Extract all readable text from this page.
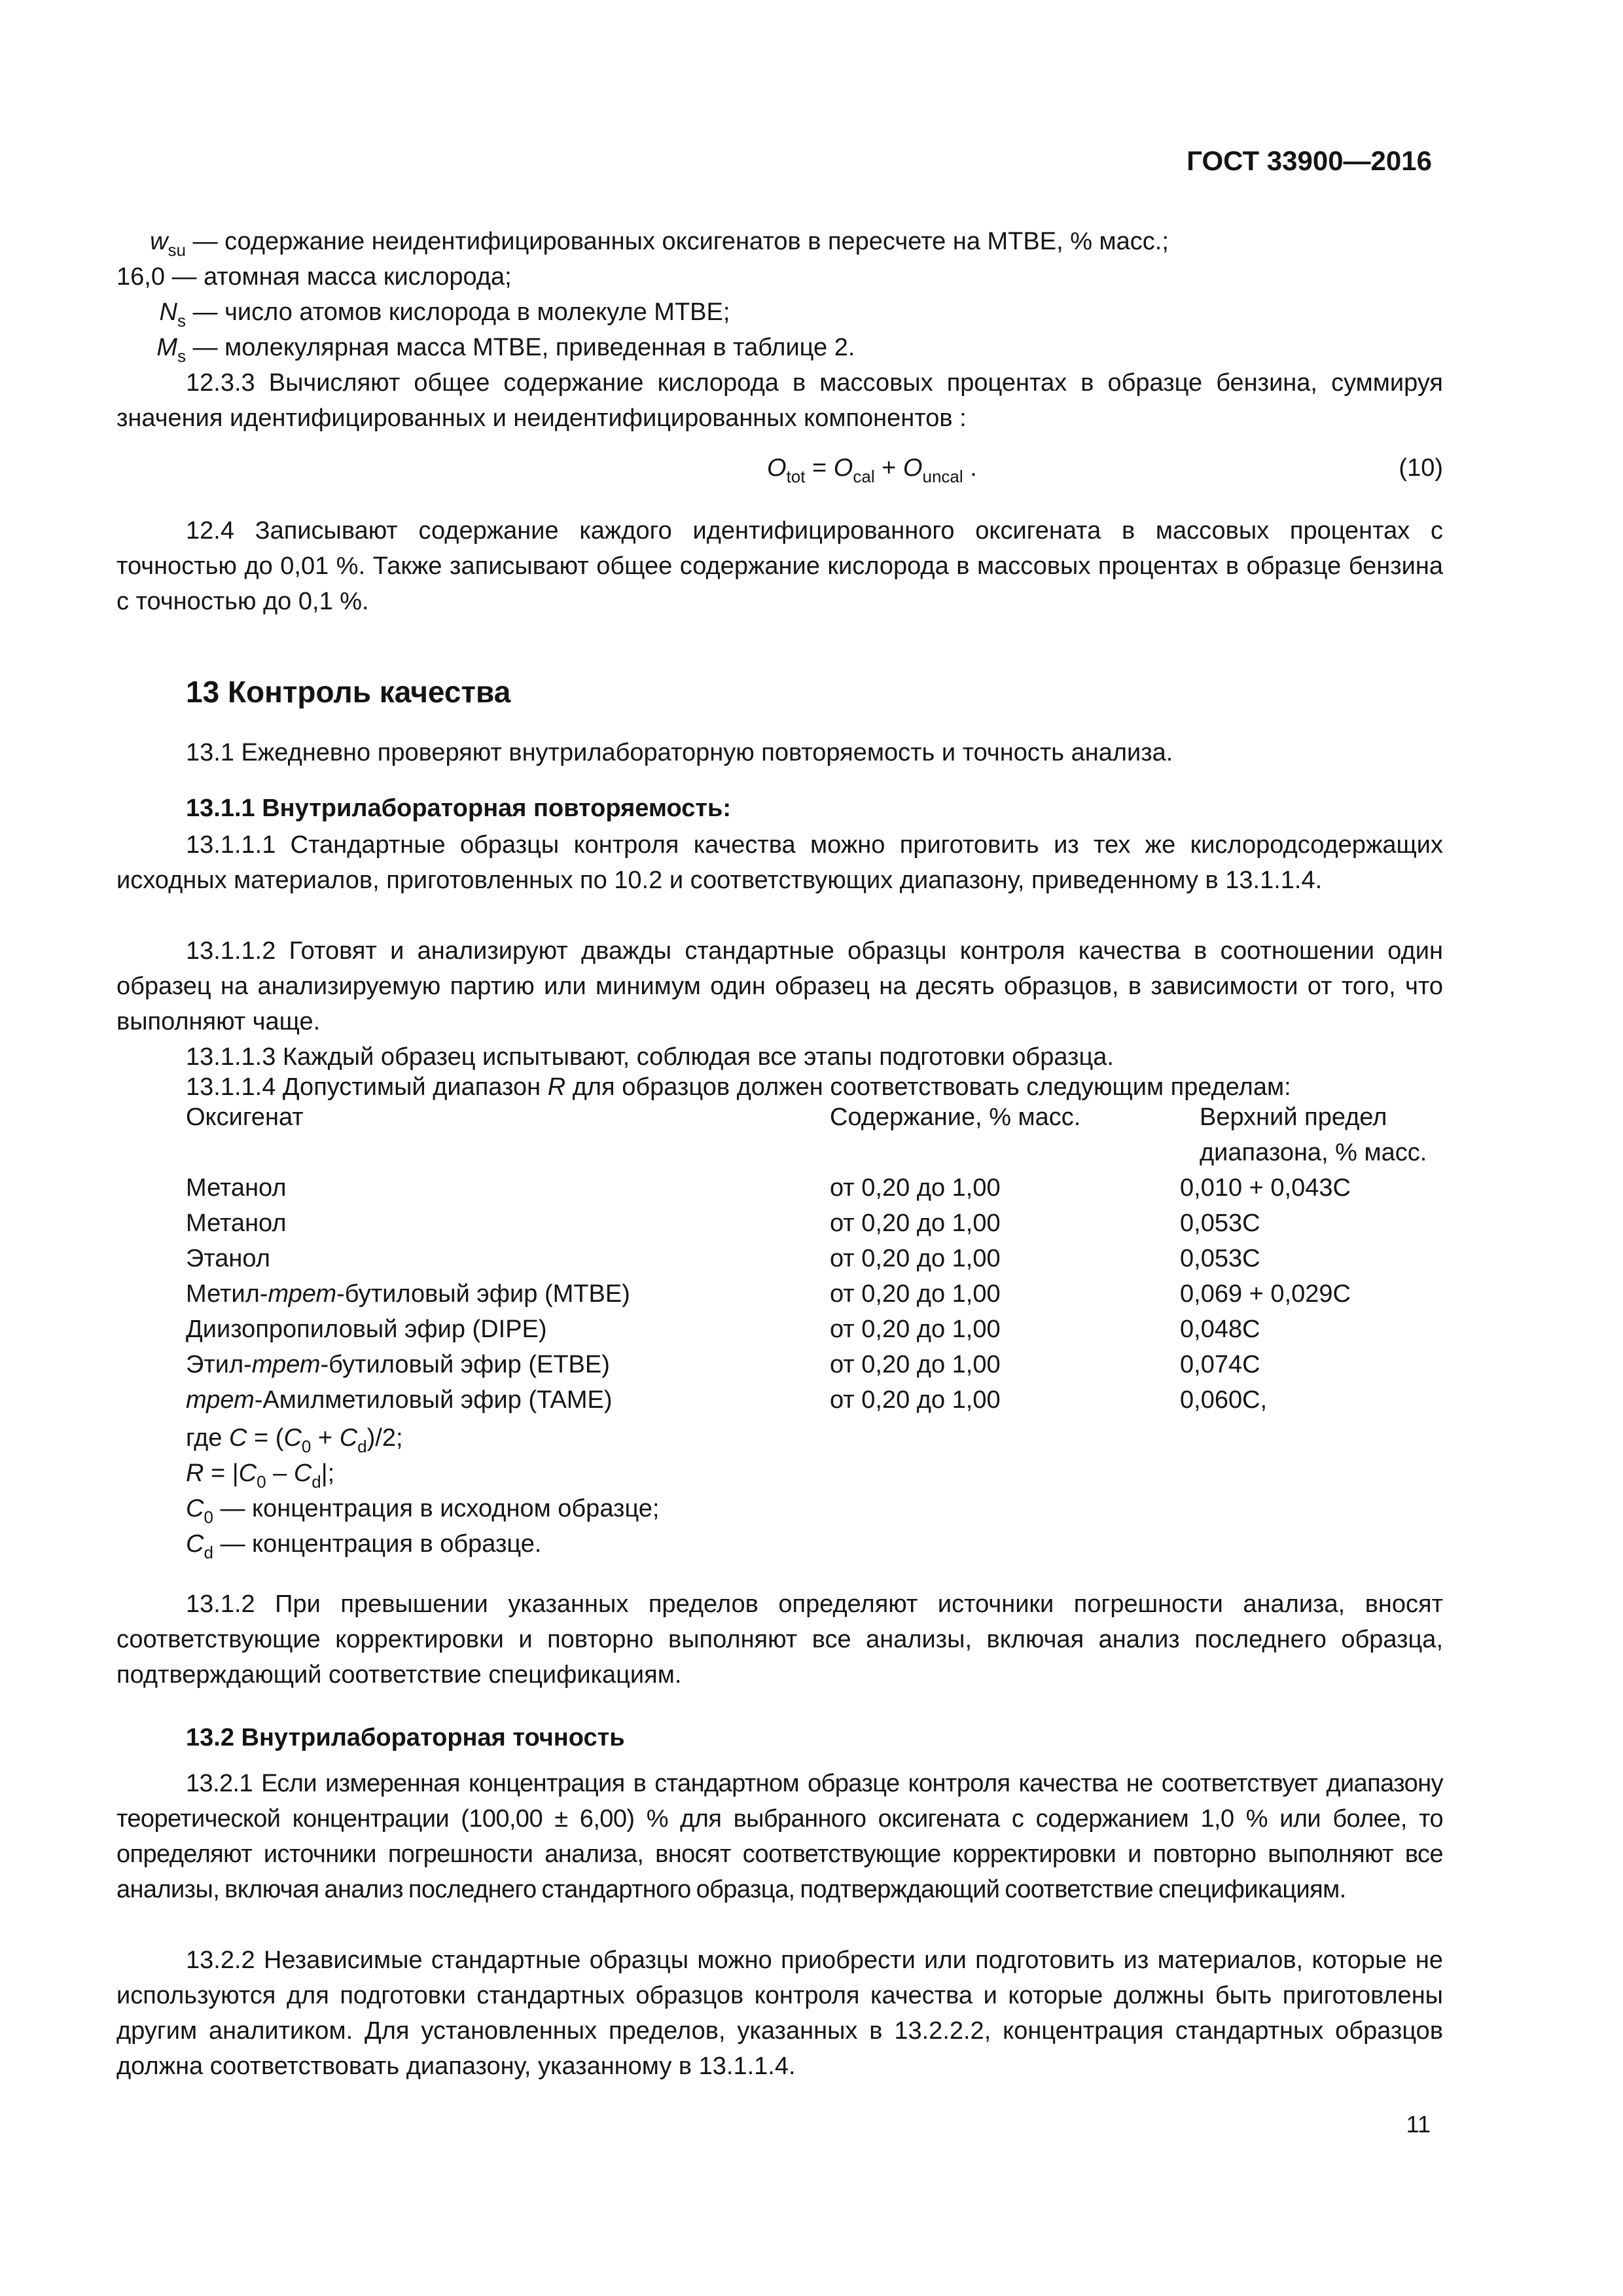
ГОСТ 33900—2016

$w_{su}$ — содержание неидентифицированных оксигенатов в пересчете на МТВЕ, % масс.;

16,0 — атомная масса кислорода;

$N_s$ — число атомов кислорода в молекуле МТВЕ;

$M_s$ — молекулярная масса МТВЕ, приведенная в таблице 2.

12.3.3 Вычисляют общее содержание кислорода в массовых процентах в образце бензина, суммируя значения идентифицированных и неидентифицированных компонентов :
$O_{tot} = O_{cal} + O_{uncal}$ .	(10)
12.4 Записывают содержание каждого идентифицированного оксигената в массовых процентах с точностью до 0,01 %. Также записывают общее содержание кислорода в массовых процентах в образце бензина с точностью до 0,1 %.
13 Контроль качества
13.1 Ежедневно проверяют внутрилабораторную повторяемость и точность анализа.
13.1.1 Внутрилабораторная повторяемость:
13.1.1.1 Стандартные образцы контроля качества можно приготовить из тех же кислородсодержащих исходных материалов, приготовленных по 10.2 и соответствующих диапазону, приведенному в 13.1.1.4.
13.1.1.2 Готовят и анализируют дважды стандартные образцы контроля качества в соотношении один образец на анализируемую партию или минимум один образец на десять образцов, в зависимости от того, что выполняют чаще.
13.1.1.3 Каждый образец испытывают, соблюдая все этапы подготовки образца.
13.1.1.4 Допустимый диапазон R для образцов должен соответствовать следующим пределам:
Оксигенат	Содержание, % масс.	Верхний предел
диапазона, % масс.
Метанол	от 0,20 до 1,00	0,010 + 0,043C
Метанол	от 0,20 до 1,00	0,053C
Этанол	от 0,20 до 1,00	0,053C
Метил-трет-бутиловый эфир (МТВЕ)	от 0,20 до 1,00	0,069 + 0,029C
Диизопропиловый эфир (DIPE)	от 0,20 до 1,00	0,048C
Этил-трет-бутиловый эфир (ETBE)	от 0,20 до 1,00	0,074C
трет-Амилметиловый эфир (TAME)	от 0,20 до 1,00	0,060C,

где $C = (C_0 + C_d)/2$;

$R = |C_0 - C_d|$;

$C_0$ — концентрация в исходном образце;

$C_d$ — концентрация в образце.

13.1.2 При превышении указанных пределов определяют источники погрешности анализа, вносят соответствующие корректировки и повторно выполняют все анализы, включая анализ последнего образца, подтверждающий соответствие спецификациям.
13.2 Внутрилабораторная точность
13.2.1 Если измеренная концентрация в стандартном образце контроля качества не соответствует диапазону теоретической концентрации (100,00 ± 6,00) % для выбранного оксигената с содержанием 1,0 % или более, то определяют источники погрешности анализа, вносят соответствующие корректировки и повторно выполняют все анализы, включая анализ последнего стандартного образца, подтверждающий соответствие спецификациям.
13.2.2 Независимые стандартные образцы можно приобрести или подготовить из материалов, которые не используются для подготовки стандартных образцов контроля качества и которые должны быть приготовлены другим аналитиком. Для установленных пределов, указанных в 13.2.2.2, концентрация стандартных образцов должна соответствовать диапазону, указанному в 13.1.1.4.
11
